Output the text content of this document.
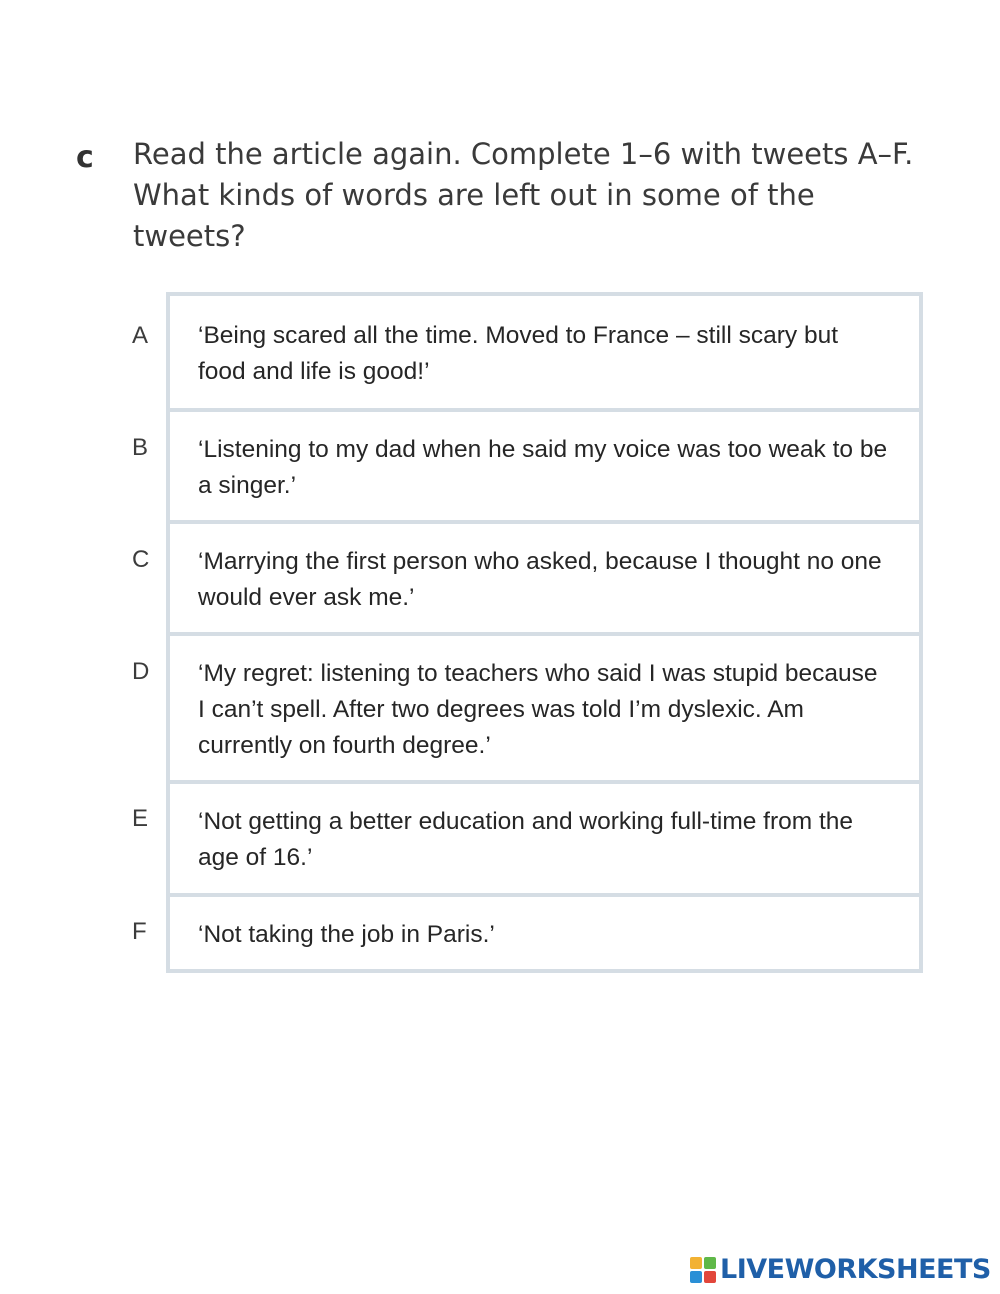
c Read the article again. Complete 1–6 with tweets A–F. What kinds of words are left out in some of the tweets?
A
B
C
D
E
F
‘Being scared all the time. Moved to France – still scary but food and life is good!’
‘Listening to my dad when he said my voice was too weak to be a singer.’
‘Marrying the first person who asked, because I thought no one would ever ask me.’
‘My regret: listening to teachers who said I was stupid because I can’t spell. After two degrees was told I’m dyslexic. Am currently on fourth degree.’
‘Not getting a better education and working full-time from the age of 16.’
‘Not taking the job in Paris.’
LIVEWORKSHEETS
